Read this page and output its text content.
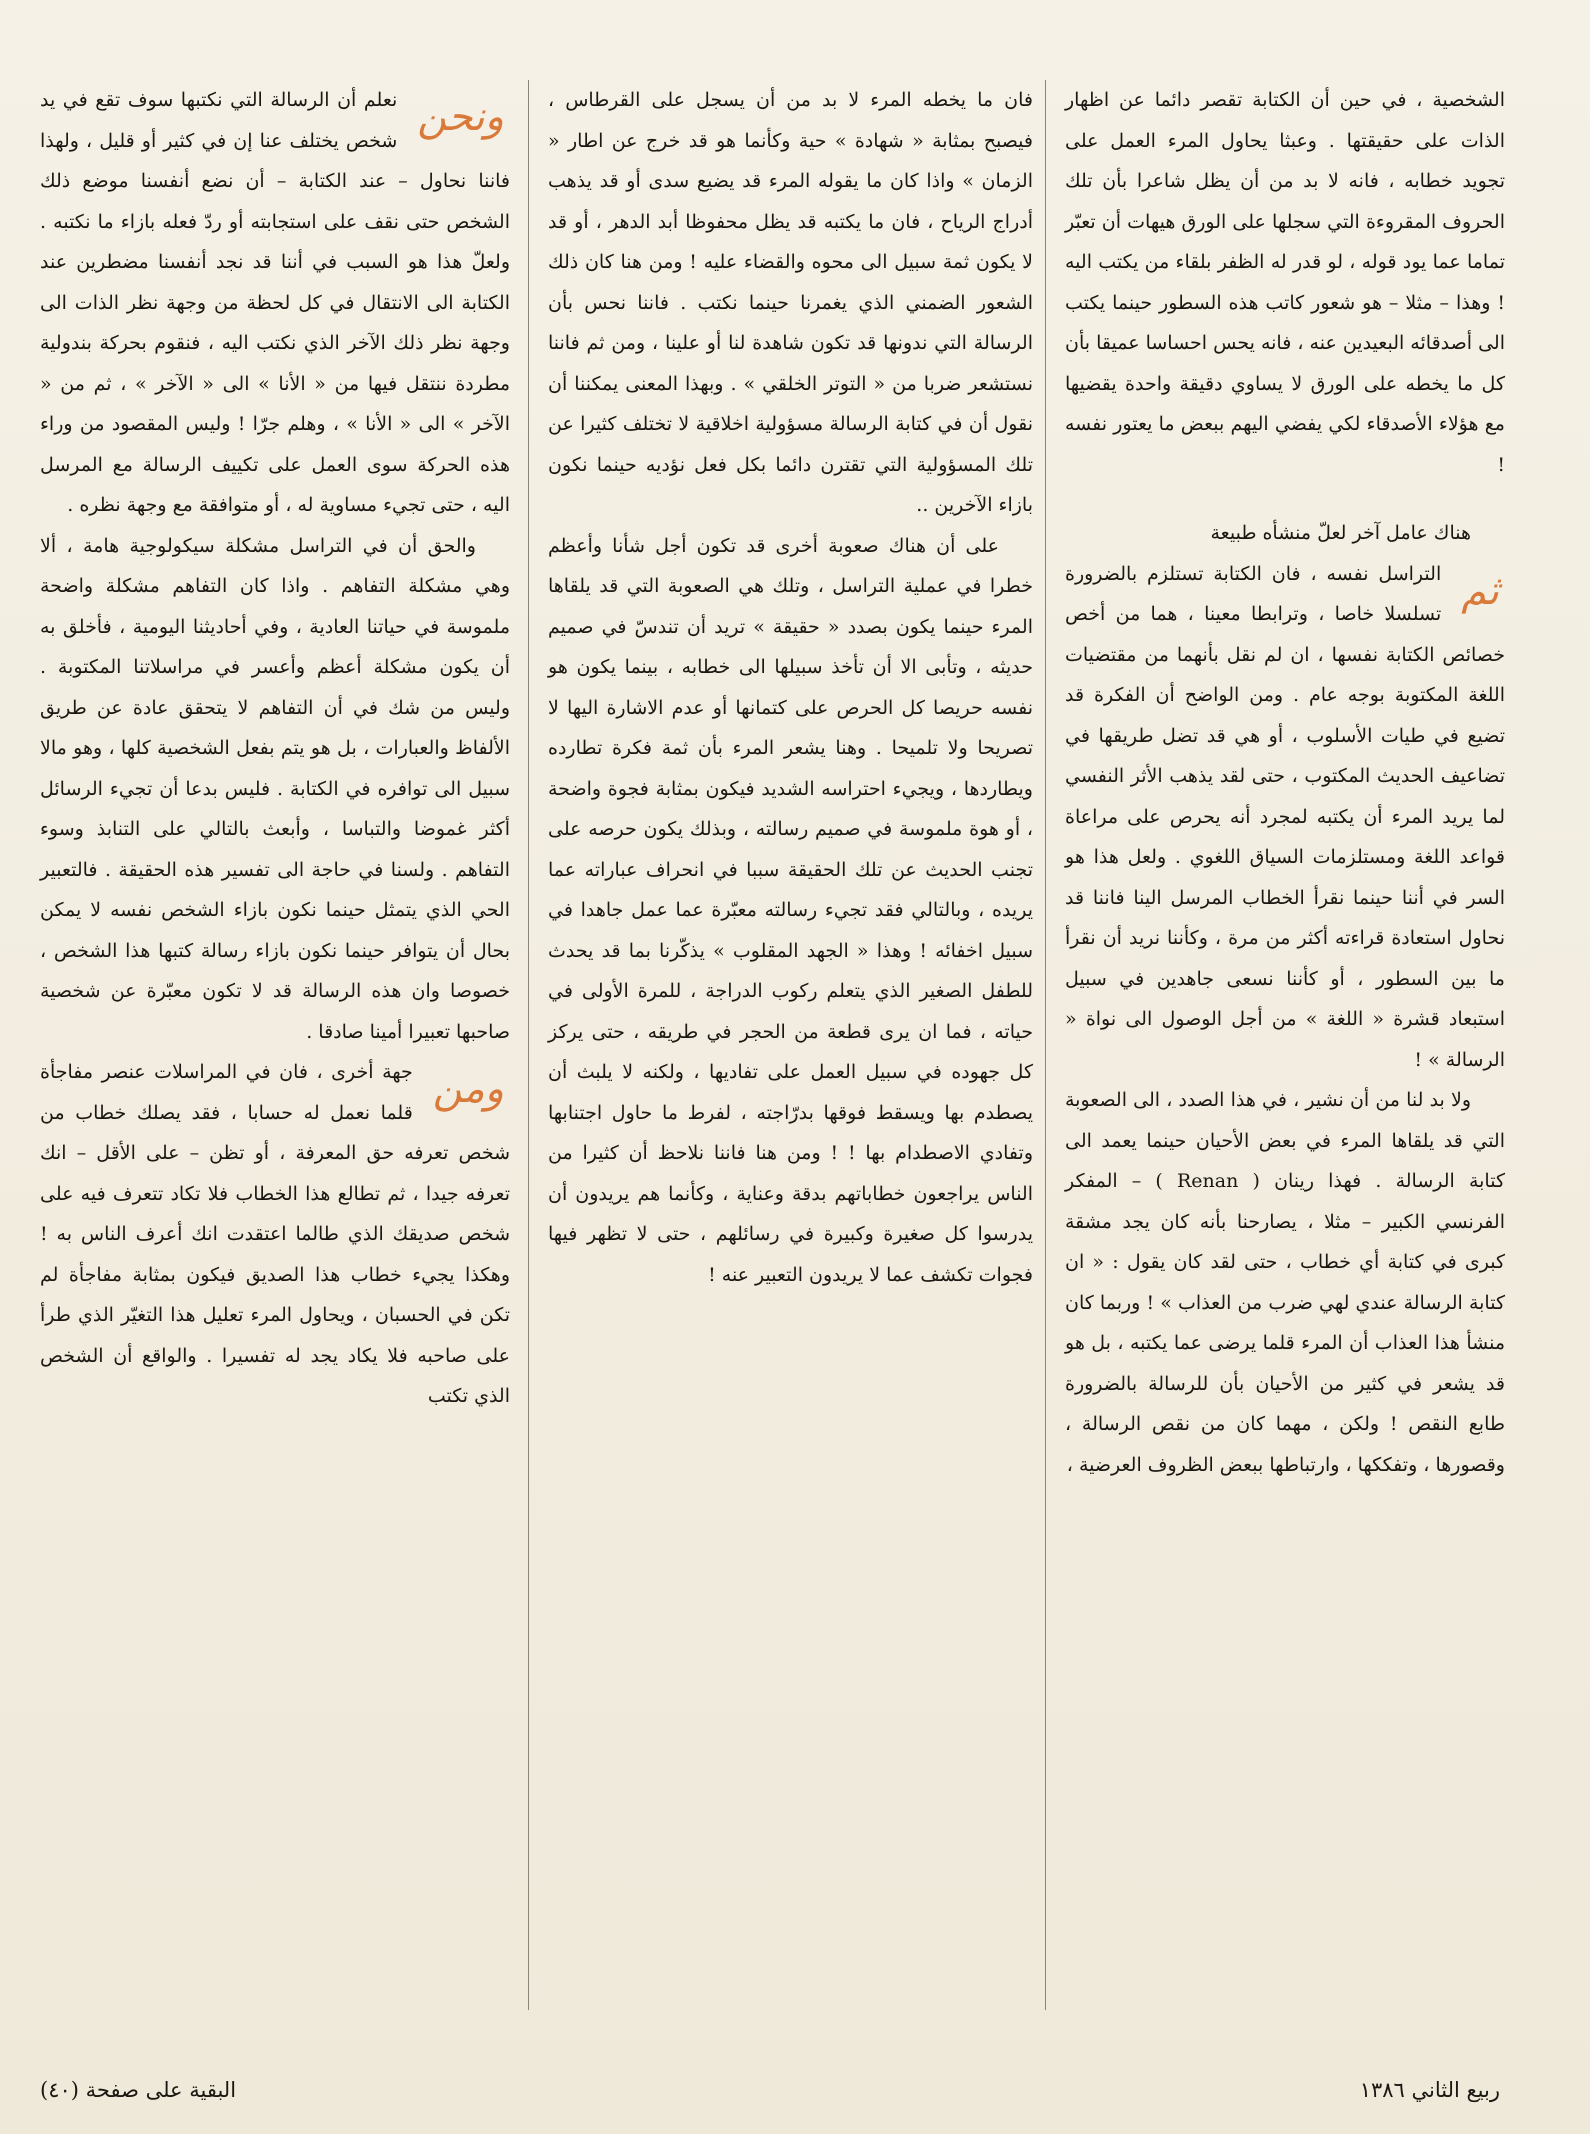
الشخصية ، في حين أن الكتابة تقصر دائما عن اظهار الذات على حقيقتها . وعبثا يحاول المرء العمل على تجويد خطابه ، فانه لا بد من أن يظل شاعرا بأن تلك الحروف المقروءة التي سجلها على الورق هيهات أن تعبّر تماما عما يود قوله ، لو قدر له الظفر بلقاء من يكتب اليه ! وهذا – مثلا – هو شعور كاتب هذه السطور حينما يكتب الى أصدقائه البعيدين عنه ، فانه يحس احساسا عميقا بأن كل ما يخطه على الورق لا يساوي دقيقة واحدة يقضيها مع هؤلاء الأصدقاء لكي يفضي اليهم ببعض ما يعتور نفسه !

هناك عامل آخر لعلّ منشأه طبيعة

ثم

التراسل نفسه ، فان الكتابة تستلزم بالضرورة تسلسلا خاصا ، وترابطا معينا ، هما من أخص خصائص الكتابة نفسها ، ان لم نقل بأنهما من مقتضيات اللغة المكتوبة بوجه عام . ومن الواضح أن الفكرة قد تضيع في طيات الأسلوب ، أو هي قد تضل طريقها في تضاعيف الحديث المكتوب ، حتى لقد يذهب الأثر النفسي لما يريد المرء أن يكتبه لمجرد أنه يحرص على مراعاة قواعد اللغة ومستلزمات السياق اللغوي . ولعل هذا هو السر في أننا حينما نقرأ الخطاب المرسل الينا فاننا قد نحاول استعادة قراءته أكثر من مرة ، وكأننا نريد أن نقرأ ما بين السطور ، أو كأننا نسعى جاهدين في سبيل استبعاد قشرة « اللغة » من أجل الوصول الى نواة « الرسالة » !

ولا بد لنا من أن نشير ، في هذا الصدد ، الى الصعوبة التي قد يلقاها المرء في بعض الأحيان حينما يعمد الى كتابة الرسالة . فهذا رينان ( Renan ) – المفكر الفرنسي الكبير – مثلا ، يصارحنا بأنه كان يجد مشقة كبرى في كتابة أي خطاب ، حتى لقد كان يقول : « ان كتابة الرسالة عندي لهي ضرب من العذاب » ! وربما كان منشأ هذا العذاب أن المرء قلما يرضى عما يكتبه ، بل هو قد يشعر في كثير من الأحيان بأن للرسالة بالضرورة طابع النقص ! ولكن ، مهما كان من نقص الرسالة ، وقصورها ، وتفككها ، وارتباطها ببعض الظروف العرضية ،

فان ما يخطه المرء لا بد من أن يسجل على القرطاس ، فيصبح بمثابة « شهادة » حية وكأنما هو قد خرج عن اطار « الزمان » واذا كان ما يقوله المرء قد يضيع سدى أو قد يذهب أدراج الرياح ، فان ما يكتبه قد يظل محفوظا أبد الدهر ، أو قد لا يكون ثمة سبيل الى محوه والقضاء عليه ! ومن هنا كان ذلك الشعور الضمني الذي يغمرنا حينما نكتب . فاننا نحس بأن الرسالة التي ندونها قد تكون شاهدة لنا أو علينا ، ومن ثم فاننا نستشعر ضربا من « التوتر الخلقي » . وبهذا المعنى يمكننا أن نقول أن في كتابة الرسالة مسؤولية اخلاقية لا تختلف كثيرا عن تلك المسؤولية التي تقترن دائما بكل فعل نؤديه حينما نكون بازاء الآخرين ..

على أن هناك صعوبة أخرى قد تكون أجل شأنا وأعظم خطرا في عملية التراسل ، وتلك هي الصعوبة التي قد يلقاها المرء حينما يكون بصدد « حقيقة » تريد أن تندسّ في صميم حديثه ، وتأبى الا أن تأخذ سبيلها الى خطابه ، بينما يكون هو نفسه حريصا كل الحرص على كتمانها أو عدم الاشارة اليها لا تصريحا ولا تلميحا . وهنا يشعر المرء بأن ثمة فكرة تطارده ويطاردها ، ويجيء احتراسه الشديد فيكون بمثابة فجوة واضحة ، أو هوة ملموسة في صميم رسالته ، وبذلك يكون حرصه على تجنب الحديث عن تلك الحقيقة سببا في انحراف عباراته عما يريده ، وبالتالي فقد تجيء رسالته معبّرة عما عمل جاهدا في سبيل اخفائه ! وهذا « الجهد المقلوب » يذكّرنا بما قد يحدث للطفل الصغير الذي يتعلم ركوب الدراجة ، للمرة الأولى في حياته ، فما ان يرى قطعة من الحجر في طريقه ، حتى يركز كل جهوده في سبيل العمل على تفاديها ، ولكنه لا يلبث أن يصطدم بها ويسقط فوقها بدرّاجته ، لفرط ما حاول اجتنابها وتفادي الاصطدام بها ! ! ومن هنا فاننا نلاحظ أن كثيرا من الناس يراجعون خطاباتهم بدقة وعناية ، وكأنما هم يريدون أن يدرسوا كل صغيرة وكبيرة في رسائلهم ، حتى لا تظهر فيها فجوات تكشف عما لا يريدون التعبير عنه !

ونحن

نعلم أن الرسالة التي نكتبها سوف تقع في يد شخص يختلف عنا إن في كثير أو قليل ، ولهذا فاننا نحاول – عند الكتابة – أن نضع أنفسنا موضع ذلك الشخص حتى نقف على استجابته أو ردّ فعله بازاء ما نكتبه . ولعلّ هذا هو السبب في أننا قد نجد أنفسنا مضطرين عند الكتابة الى الانتقال في كل لحظة من وجهة نظر الذات الى وجهة نظر ذلك الآخر الذي نكتب اليه ، فنقوم بحركة بندولية مطردة ننتقل فيها من « الأنا » الى « الآخر » ، ثم من « الآخر » الى « الأنا » ، وهلم جرّا ! وليس المقصود من وراء هذه الحركة سوى العمل على تكييف الرسالة مع المرسل اليه ، حتى تجيء مساوية له ، أو متوافقة مع وجهة نظره .

والحق أن في التراسل مشكلة سيكولوجية هامة ، ألا وهي مشكلة التفاهم . واذا كان التفاهم مشكلة واضحة ملموسة في حياتنا العادية ، وفي أحاديثنا اليومية ، فأخلق به أن يكون مشكلة أعظم وأعسر في مراسلاتنا المكتوبة . وليس من شك في أن التفاهم لا يتحقق عادة عن طريق الألفاظ والعبارات ، بل هو يتم بفعل الشخصية كلها ، وهو مالا سبيل الى توافره في الكتابة . فليس بدعا أن تجيء الرسائل أكثر غموضا والتباسا ، وأبعث بالتالي على التنابذ وسوء التفاهم . ولسنا في حاجة الى تفسير هذه الحقيقة . فالتعبير الحي الذي يتمثل حينما نكون بازاء الشخص نفسه لا يمكن بحال أن يتوافر حينما نكون بازاء رسالة كتبها هذا الشخص ، خصوصا وان هذه الرسالة قد لا تكون معبّرة عن شخصية صاحبها تعبيرا أمينا صادقا .

ومن

جهة أخرى ، فان في المراسلات عنصر مفاجأة قلما نعمل له حسابا ، فقد يصلك خطاب من شخص تعرفه حق المعرفة ، أو تظن – على الأقل – انك تعرفه جيدا ، ثم تطالع هذا الخطاب فلا تكاد تتعرف فيه على شخص صديقك الذي طالما اعتقدت انك أعرف الناس به ! وهكذا يجيء خطاب هذا الصديق فيكون بمثابة مفاجأة لم تكن في الحسبان ، ويحاول المرء تعليل هذا التغيّر الذي طرأ على صاحبه فلا يكاد يجد له تفسيرا . والواقع أن الشخص الذي تكتب

ربيع الثاني ١٣٨٦
البقية على صفحة (٤٠)
